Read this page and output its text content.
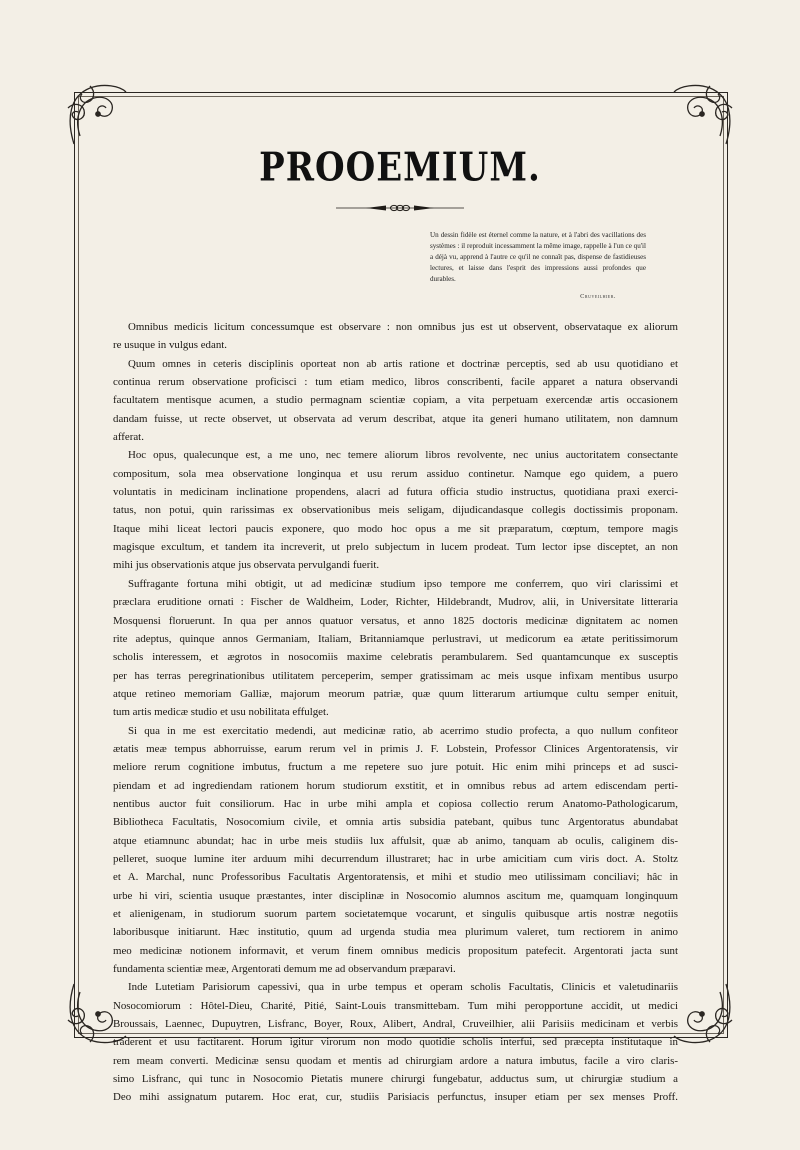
PROOEMIUM.
Un dessin fidèle est éternel comme la nature, et à l'abri des vacillations des systèmes : il reproduit incessamment la même image, rappelle à l'un ce qu'il a déjà vu, apprend à l'autre ce qu'il ne connaît pas, dispense de fastidieuses lectures, et laisse dans l'esprit des impressions aussi profondes que durables.
Cruveilhier.
Omnibus medicis licitum concessumque est observare : non omnibus jus est ut observent, observataque ex aliorum
re usuque in vulgus edant.
Quum omnes in ceteris disciplinis oporteat non ab artis ratione et doctrinæ perceptis, sed ab usu quotidiano et
continua rerum observatione proficisci : tum etiam medico, libros conscribenti, facile apparet a natura observandi
facultatem mentisque acumen, a studio permagnam scientiæ copiam, a vita perpetuam exercendæ artis occasionem
dandam fuisse, ut recte observet, ut observata ad verum describat, atque ita generi humano utilitatem, non damnum
afferat.
Hoc opus, qualecunque est, a me uno, nec temere aliorum libros revolvente, nec unius auctoritatem consectante
compositum, sola mea observatione longinqua et usu rerum assiduo continetur. Namque ego quidem, a puero
voluntatis in medicinam inclinatione propendens, alacri ad futura officia studio instructus, quotidiana praxi exerci-
tatus, non potui, quin rarissimas ex observationibus meis seligam, dijudicandasque collegis doctissimis proponam.
Itaque mihi liceat lectori paucis exponere, quo modo hoc opus a me sit præparatum, cœptum, tempore magis
magisque excultum, et tandem ita increverit, ut prelo subjectum in lucem prodeat. Tum lector ipse disceptet, an non
mihi jus observationis atque jus observata pervulgandi fuerit.
Suffragante fortuna mihi obtigit, ut ad medicinæ studium ipso tempore me conferrem, quo viri clarissimi et
præclara eruditione ornati : Fischer de Waldheim, Loder, Richter, Hildebrandt, Mudrov, alii, in Universitate litteraria
Mosquensi floruerunt. In qua per annos quatuor versatus, et anno 1825 doctoris medicinæ dignitatem ac nomen
rite adeptus, quinque annos Germaniam, Italiam, Britanniamque perlustravi, ut medicorum ea ætate peritissimorum
scholis interessem, et ægrotos in nosocomiis maxime celebratis perambularem. Sed quantamcunque ex susceptis
per has terras peregrinationibus utilitatem perceperim, semper gratissimam ac meis usque infixam mentibus usurpo
atque retineo memoriam Galliæ, majorum meorum patriæ, quæ quum litterarum artiumque cultu semper enituit,
tum artis medicæ studio et usu nobilitata effulget.
Si qua in me est exercitatio medendi, aut medicinæ ratio, ab acerrimo studio profecta, a quo nullum confiteor
ætatis meæ tempus abhorruisse, earum rerum vel in primis J. F. Lobstein, Professor Clinices Argentoratensis, vir
meliore rerum cognitione imbutus, fructum a me repetere suo jure potuit. Hic enim mihi princeps et ad susci-
piendam et ad ingrediendam rationem horum studiorum exstitit, et in omnibus rebus ad artem ediscendam perti-
nentibus auctor fuit consiliorum. Hac in urbe mihi ampla et copiosa collectio rerum Anatomo-Pathologicarum,
Bibliotheca Facultatis, Nosocomium civile, et omnia artis subsidia patebant, quibus tunc Argentoratus abundabat
atque etiamnunc abundat; hac in urbe meis studiis lux affulsit, quæ ab animo, tanquam ab oculis, caliginem dis-
pelleret, suoque lumine iter arduum mihi decurrendum illustraret; hac in urbe amicitiam cum viris doct. A. Stoltz
et A. Marchal, nunc Professoribus Facultatis Argentoratensis, et mihi et studio meo utilissimam conciliavi; hâc in
urbe hi viri, scientia usuque præstantes, inter disciplinæ in Nosocomio alumnos ascitum me, quamquam longinquum
et alienigenam, in studiorum suorum partem societatemque vocarunt, et singulis quibusque artis nostræ negotiis
laboribusque initiarunt. Hæc institutio, quum ad urgenda studia mea plurimum valeret, tum rectiorem in animo
meo medicinæ notionem informavit, et verum finem omnibus medicis propositum patefecit. Argentorati jacta sunt
fundamenta scientiæ meæ, Argentorati demum me ad observandum præparavi.
Inde Lutetiam Parisiorum capessivi, qua in urbe tempus et operam scholis Facultatis, Clinicis et valetudinariis
Nosocomiorum : Hôtel-Dieu, Charité, Pitié, Saint-Louis transmittebam. Tum mihi peropportune accidit, ut medici
Broussais, Laennec, Dupuytren, Lisfranc, Boyer, Roux, Alibert, Andral, Cruveilhier, alii Parisiis medicinam et verbis
traderent et usu factitarent. Horum igitur virorum non modo quotidie scholis interfui, sed præcepta institutaque in
rem meam converti. Medicinæ sensu quodam et mentis ad chirurgiam ardore a natura imbutus, facile a viro claris-
simo Lisfranc, qui tunc in Nosocomio Pietatis munere chirurgi fungebatur, adductus sum, ut chirurgiæ studium a
Deo mihi assignatum putarem. Hoc erat, cur, studiis Parisiacis perfunctus, insuper etiam per sex menses Proff.
